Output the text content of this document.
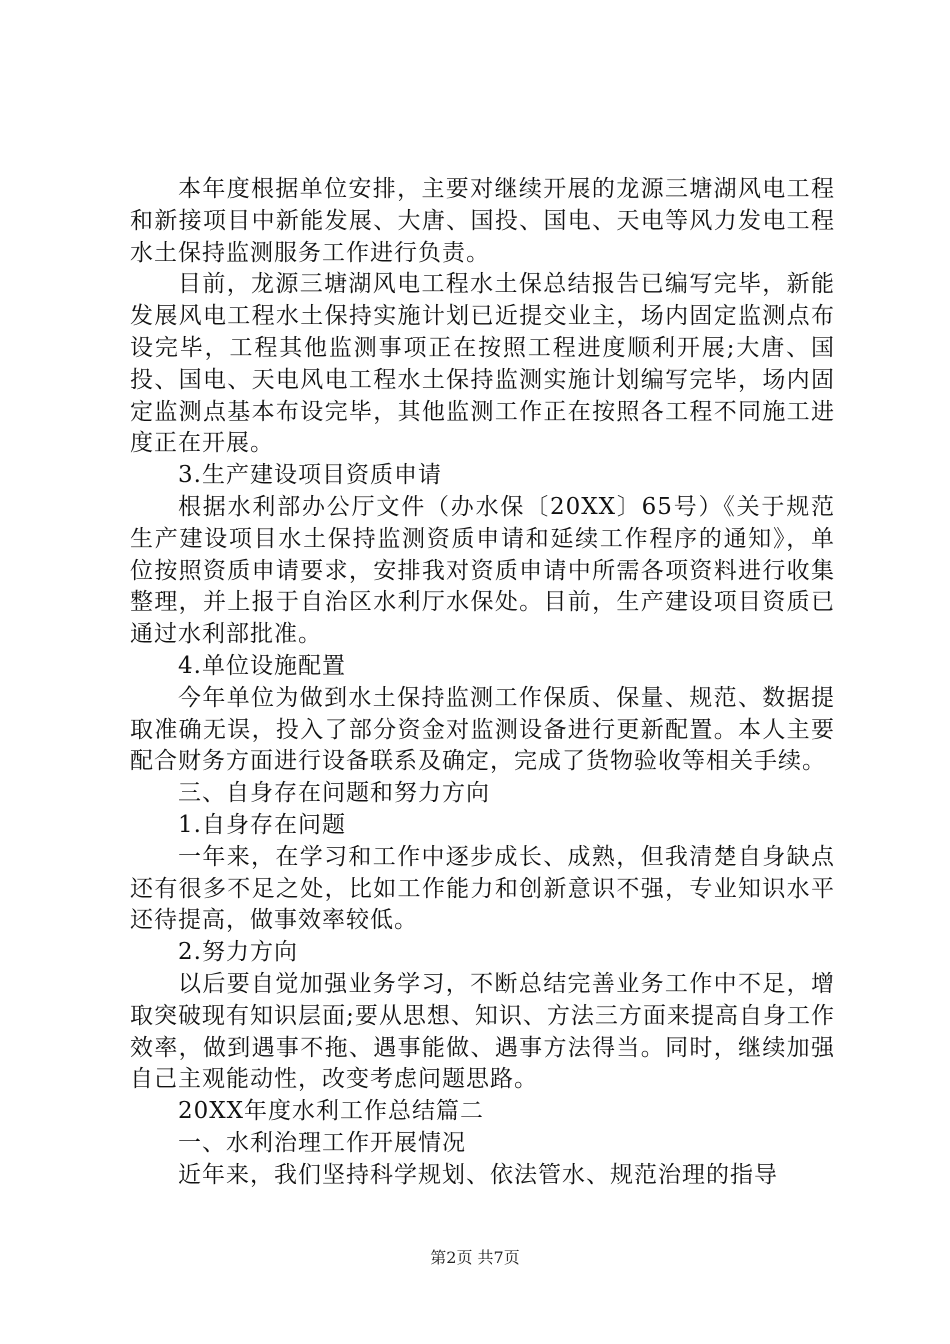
本年度根据单位安排，主要对继续开展的龙源三塘湖风电工程和新接项目中新能发展、大唐、国投、国电、天电等风力发电工程水土保持监测服务工作进行负责。

目前，龙源三塘湖风电工程水土保总结报告已编写完毕，新能发展风电工程水土保持实施计划已近提交业主，场内固定监测点布设完毕，工程其他监测事项正在按照工程进度顺利开展;大唐、国投、国电、天电风电工程水土保持监测实施计划编写完毕，场内固定监测点基本布设完毕，其他监测工作正在按照各工程不同施工进度正在开展。

3.生产建设项目资质申请

根据水利部办公厅文件（办水保〔20XX〕65号）《关于规范生产建设项目水土保持监测资质申请和延续工作程序的通知》，单位按照资质申请要求，安排我对资质申请中所需各项资料进行收集整理，并上报于自治区水利厅水保处。目前，生产建设项目资质已通过水利部批准。

4.单位设施配置

今年单位为做到水土保持监测工作保质、保量、规范、数据提取准确无误，投入了部分资金对监测设备进行更新配置。本人主要配合财务方面进行设备联系及确定，完成了货物验收等相关手续。

三、自身存在问题和努力方向

1.自身存在问题

一年来，在学习和工作中逐步成长、成熟，但我清楚自身缺点还有很多不足之处，比如工作能力和创新意识不强，专业知识水平还待提高，做事效率较低。

2.努力方向

以后要自觉加强业务学习，不断总结完善业务工作中不足，增取突破现有知识层面;要从思想、知识、方法三方面来提高自身工作效率，做到遇事不拖、遇事能做、遇事方法得当。同时，继续加强自己主观能动性，改变考虑问题思路。

20XX年度水利工作总结篇二

一、水利治理工作开展情况

近年来，我们坚持科学规划、依法管水、规范治理的指导

第2页 共7页
